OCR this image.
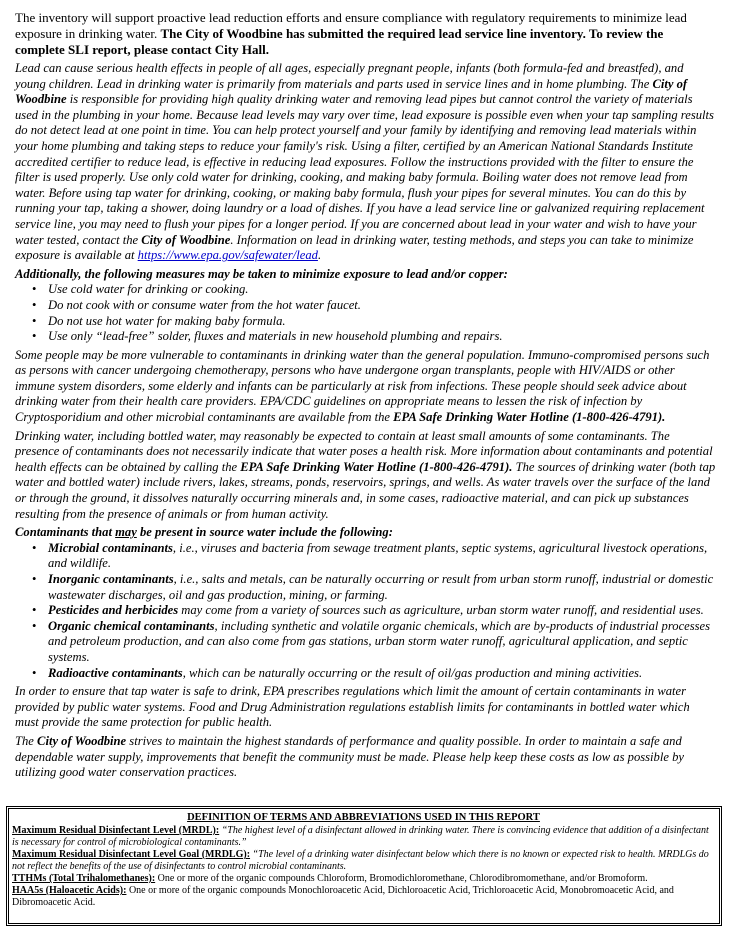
The inventory will support proactive lead reduction efforts and ensure compliance with regulatory requirements to minimize lead exposure in drinking water. The City of Woodbine has submitted the required lead service line inventory. To review the complete SLI report, please contact City Hall.

Lead can cause serious health effects in people of all ages, especially pregnant people, infants (both formula-fed and breastfed), and young children. Lead in drinking water is primarily from materials and parts used in service lines and in home plumbing. The City of Woodbine is responsible for providing high quality drinking water and removing lead pipes but cannot control the variety of materials used in the plumbing in your home. Because lead levels may vary over time, lead exposure is possible even when your tap sampling results do not detect lead at one point in time. You can help protect yourself and your family by identifying and removing lead materials within your home plumbing and taking steps to reduce your family's risk. Using a filter, certified by an American National Standards Institute accredited certifier to reduce lead, is effective in reducing lead exposures. Follow the instructions provided with the filter to ensure the filter is used properly. Use only cold water for drinking, cooking, and making baby formula. Boiling water does not remove lead from water. Before using tap water for drinking, cooking, or making baby formula, flush your pipes for several minutes. You can do this by running your tap, taking a shower, doing laundry or a load of dishes. If you have a lead service line or galvanized requiring replacement service line, you may need to flush your pipes for a longer period. If you are concerned about lead in your water and wish to have your water tested, contact the City of Woodbine. Information on lead in drinking water, testing methods, and steps you can take to minimize exposure is available at https://www.epa.gov/safewater/lead.

Additionally, the following measures may be taken to minimize exposure to lead and/or copper:

• Use cold water for drinking or cooking.
• Do not cook with or consume water from the hot water faucet.
• Do not use hot water for making baby formula.
• Use only “lead-free” solder, fluxes and materials in new household plumbing and repairs.

Some people may be more vulnerable to contaminants in drinking water than the general population. Immuno-compromised persons such as persons with cancer undergoing chemotherapy, persons who have undergone organ transplants, people with HIV/AIDS or other immune system disorders, some elderly and infants can be particularly at risk from infections. These people should seek advice about drinking water from their health care providers. EPA/CDC guidelines on appropriate means to lessen the risk of infection by Cryptosporidium and other microbial contaminants are available from the EPA Safe Drinking Water Hotline (1-800-426-4791).

Drinking water, including bottled water, may reasonably be expected to contain at least small amounts of some contaminants. The presence of contaminants does not necessarily indicate that water poses a health risk. More information about contaminants and potential health effects can be obtained by calling the EPA Safe Drinking Water Hotline (1-800-426-4791). The sources of drinking water (both tap water and bottled water) include rivers, lakes, streams, ponds, reservoirs, springs, and wells. As water travels over the surface of the land or through the ground, it dissolves naturally occurring minerals and, in some cases, radioactive material, and can pick up substances resulting from the presence of animals or from human activity.

Contaminants that may be present in source water include the following:

• Microbial contaminants, i.e., viruses and bacteria from sewage treatment plants, septic systems, agricultural livestock operations, and wildlife.
• Inorganic contaminants, i.e., salts and metals, can be naturally occurring or result from urban storm runoff, industrial or domestic wastewater discharges, oil and gas production, mining, or farming.
• Pesticides and herbicides may come from a variety of sources such as agriculture, urban storm water runoff, and residential uses.
• Organic chemical contaminants, including synthetic and volatile organic chemicals, which are by-products of industrial processes and petroleum production, and can also come from gas stations, urban storm water runoff, agricultural application, and septic systems.
• Radioactive contaminants, which can be naturally occurring or the result of oil/gas production and mining activities.

In order to ensure that tap water is safe to drink, EPA prescribes regulations which limit the amount of certain contaminants in water provided by public water systems. Food and Drug Administration regulations establish limits for contaminants in bottled water which must provide the same protection for public health.

The City of Woodbine strives to maintain the highest standards of performance and quality possible. In order to maintain a safe and dependable water supply, improvements that benefit the community must be made. Please help keep these costs as low as possible by utilizing good water conservation practices.

DEFINITION OF TERMS AND ABBREVIATIONS USED IN THIS REPORT
Maximum Residual Disinfectant Level (MRDL): “The highest level of a disinfectant allowed in drinking water. There is convincing evidence that addition of a disinfectant is necessary for control of microbiological contaminants.”
Maximum Residual Disinfectant Level Goal (MRDLG): “The level of a drinking water disinfectant below which there is no known or expected risk to health. MRDLGs do not reflect the benefits of the use of disinfectants to control microbial contaminants.
TTHMs (Total Trihalomethanes): One or more of the organic compounds Chloroform, Bromodichloromethane, Chlorodibromomethane, and/or Bromoform.
HAA5s (Haloacetic Acids): One or more of the organic compounds Monochloroacetic Acid, Dichloroacetic Acid, Trichloroacetic Acid, Monobromoacetic Acid, and Dibromoacetic Acid.
